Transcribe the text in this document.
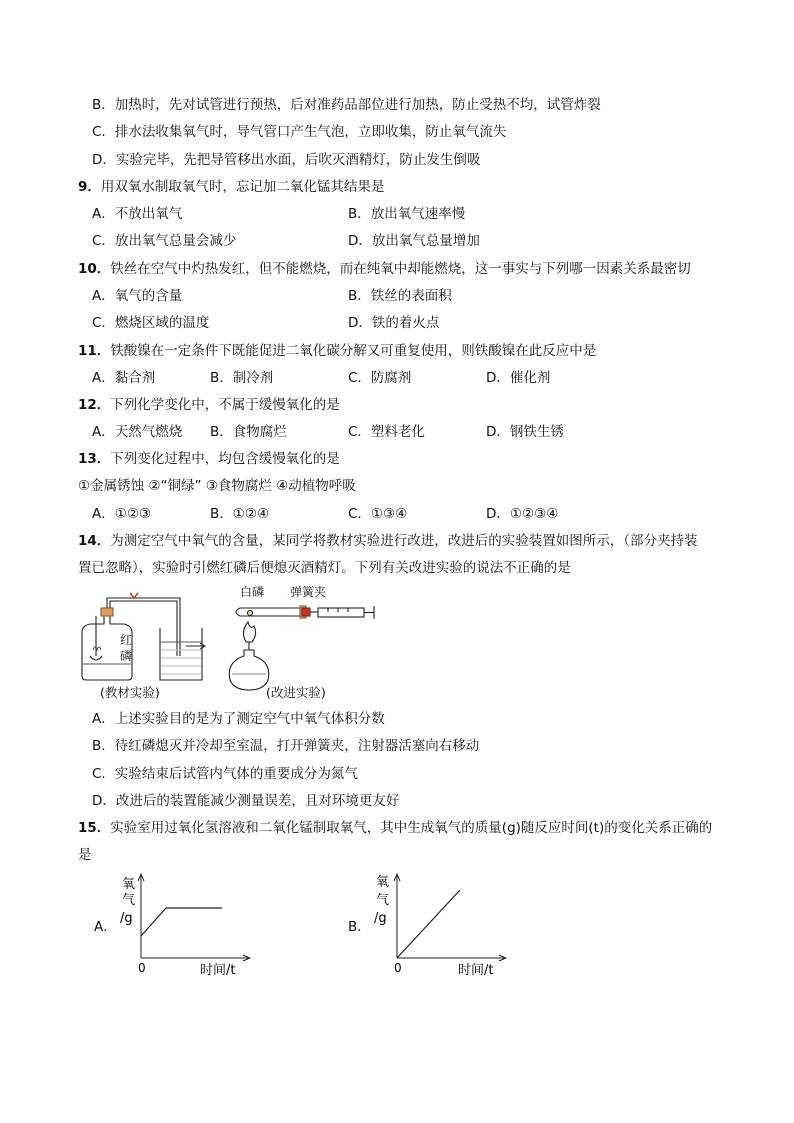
B．加热时，先对试管进行预热，后对准药品部位进行加热，防止受热不均，试管炸裂
C．排水法收集氧气时，导气管口产生气泡，立即收集，防止氧气流失
D．实验完毕，先把导管移出水面，后吹灭酒精灯，防止发生倒吸
9．用双氧水制取氧气时，忘记加二氧化锰其结果是
A．不放出氧气	B．放出氧气速率慢
C．放出氧气总量会减少	D．放出氧气总量增加
10．铁丝在空气中灼热发红，但不能燃烧，而在纯氧中却能燃烧，这一事实与下列哪一因素关系最密切
A．氧气的含量	B．铁丝的表面积
C．燃烧区域的温度	D．铁的着火点
11．铁酸镍在一定条件下既能促进二氧化碳分解又可重复使用，则铁酸镍在此反应中是
A．黏合剂	B．制冷剂	C．防腐剂	D．催化剂
12．下列化学变化中，不属于缓慢氧化的是
A．天然气燃烧 B．食物腐烂	C．塑料老化	D．钢铁生锈
13．下列变化过程中，均包含缓慢氧化的是
①金属锈蚀 ②“铜绿” ③食物腐烂 ④动植物呼吸
A．①②③	B．①②④	C．①③④	D．①②③④
14．为测定空气中氧气的含量，某同学将教材实验进行改进，改进后的实验装置如图所示，（部分夹持装
置已忽略），实验时引燃红磷后便熄灭酒精灯。下列有关改进实验的说法不正确的是
红
磷
白磷 弹簧夹
(教材实验)	(改进实验)
A．上述实验目的是为了测定空气中氧气体积分数
B．待红磷熄灭并冷却至室温，打开弹簧夹，注射器活塞向右移动
C．实验结束后试管内气体的重要成分为氮气
D．改进后的装置能减少测量误差，且对环境更友好
15．实验室用过氧化氢溶液和二氧化锰制取氧气，其中生成氧气的质量(g)随反应时间(t)的变化关系正确的
是
A．
氧
气
/g
0	时间/t
B．
氧
气
/g
0	时间/t
